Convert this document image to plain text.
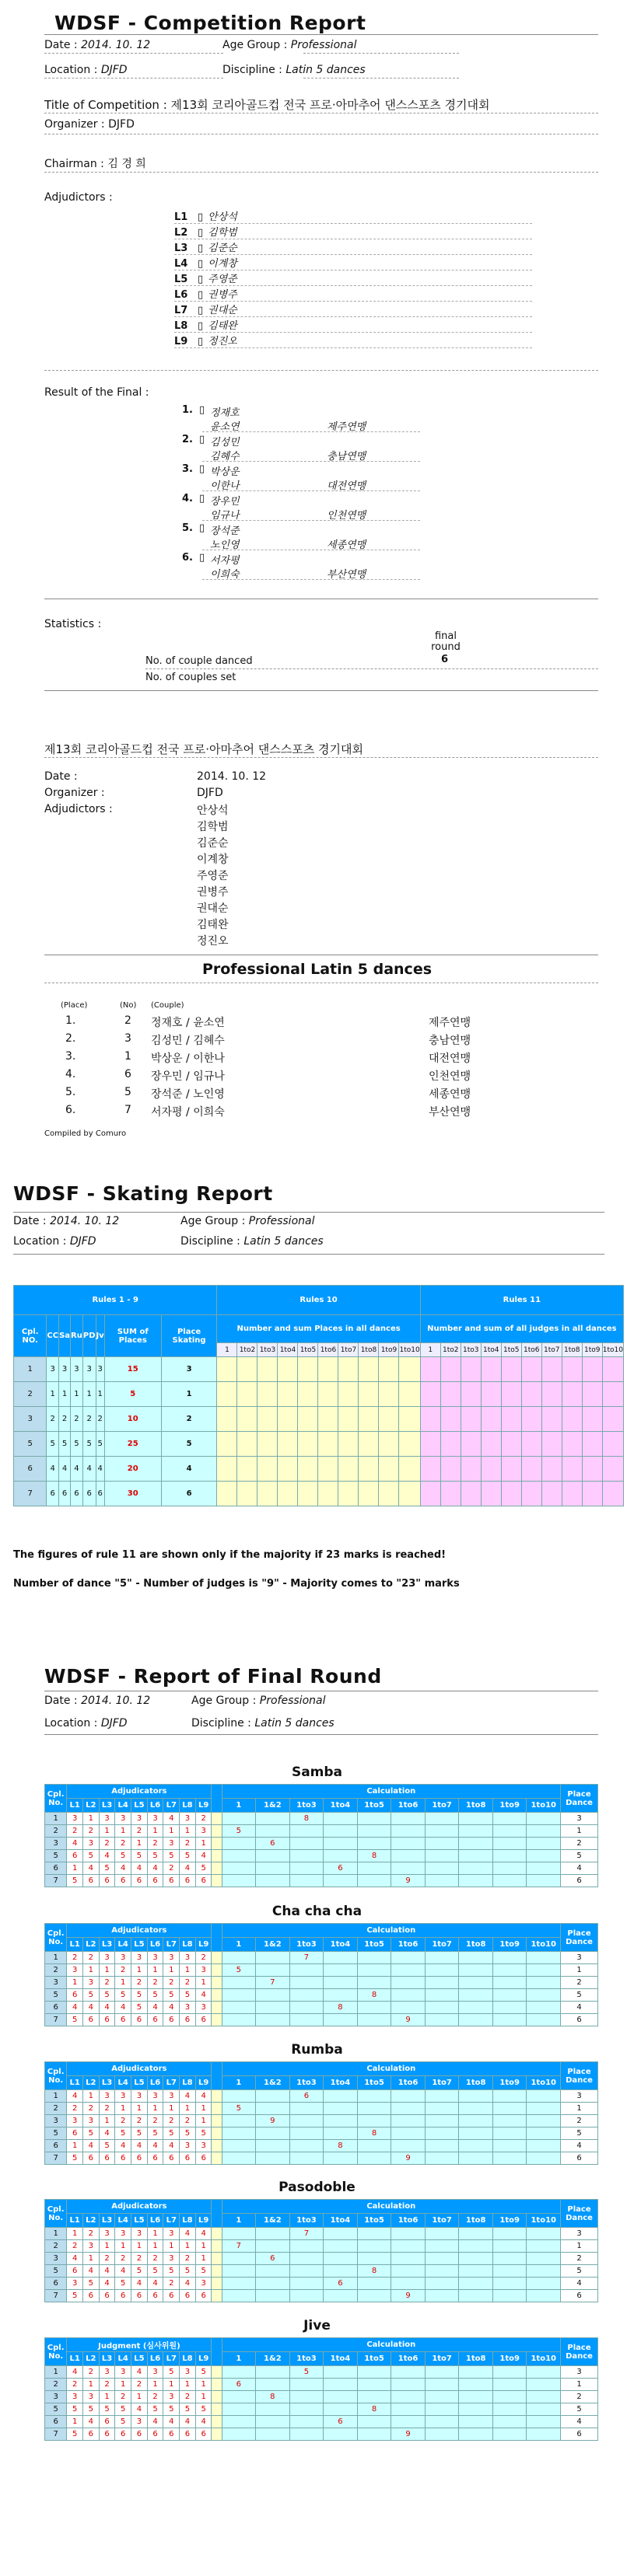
WDSF - Competition Report
Date : 2014. 10. 12	Age Group : Professional
Location : DJFD	Discipline : Latin 5 dances
Title of Competition : 제13회 코리아골드컵 전국 프로·아마추어 댄스스포츠 경기대회
Organizer : DJFD
Chairman : 김 경 희
Adjudictors :
L1 ▯ 안상석
L2 ▯ 김학범
L3 ▯ 김준순
L4 ▯ 이계창
L5 ▯ 주영준
L6 ▯ 권병주
L7 ▯ 권대순
L8 ▯ 김태완
L9 ▯ 정진오
Result of the Final :
1. ▯ 정재호
윤소연	제주연맹
2. ▯ 김성민
김혜수	충남연맹
3. ▯ 박상운
이한나	대전연맹
4. ▯ 장우민
임규나	인천연맹
5. ▯ 장석준
노인영	세종연맹
6. ▯ 서자평
이희숙	부산연맹
Statistics :
final round
No. of couple danced	6
No. of couples set
제13회 코리아골드컵 전국 프로·아마추어 댄스스포츠 경기대회
Date :	2014. 10. 12
Organizer :	DJFD
Adjudictors :	안상석
김학범
김준순
이계창
주영준
권병주
권대순
김태완
정진오
Professional Latin 5 dances
(Place)	(No) (Couple)
1.	2 정재호 / 윤소연	제주연맹
2.	3 김성민 / 김혜수	충남연맹
3.	1 박상운 / 이한나	대전연맹
4.	6 장우민 / 임규나	인천연맹
5.	5 장석준 / 노인영	세종연맹
6.	7 서자평 / 이희숙	부산연맹
Compiled by Comuro
WDSF - Skating Report
Date : 2014. 10. 12	Age Group : Professional
Location : DJFD	Discipline : Latin 5 dances
Rules 1 - 9								Rules 10										Rules 11									
Cpl. NO.	CC	Sa	Ru	PD	Jv	SUM of Places	Place Skating	Number and sum Places in all dances										Number and sum of all judges in all dances									
								1	1to2	1to3	1to4	1to5	1to6	1to7	1to8	1to9	1to10	1	1to2	1to3	1to4	1to5	1to6	1to7	1to8	1to9	1to10
1	3	3	3	3	3	15	3																				
2	1	1	1	1	1	5	1																				
3	2	2	2	2	2	10	2																				
5	5	5	5	5	5	25	5																				
6	4	4	4	4	4	20	4																				
7	6	6	6	6	6	30	6																				
The figures of rule 11 are shown only if the majority if 23 marks is reached!
Number of dance "5" - Number of judges is "9" - Majority comes to "23" marks
WDSF - Report of Final Round
Date : 2014. 10. 12	Age Group : Professional
Location : DJFD	Discipline : Latin 5 dances
Samba
Cpl. No.	Adjudicators										Calculation										Place Dance
	L1	L2	L3	L4	L5	L6	L7	L8	L9		1	1&2	1to3	1to4	1to5	1to6	1to7	1to8	1to9	1to10	
1	3	1	3	3	3	3	4	3	2				8								3
2	2	2	1	1	2	1	1	1	3		5										1
3	4	3	2	2	1	2	3	2	1			6									2
5	6	5	4	5	5	5	5	5	4						8						5
6	1	4	5	4	4	4	2	4	5					6							4
7	5	6	6	6	6	6	6	6	6							9					6
Cha cha cha
Cpl. No.	Adjudicators										Calculation										Place Dance
	L1	L2	L3	L4	L5	L6	L7	L8	L9		1	1&2	1to3	1to4	1to5	1to6	1to7	1to8	1to9	1to10	
1	2	2	3	3	3	3	3	3	2				7								3
2	3	1	1	2	1	1	1	1	3		5										1
3	1	3	2	1	2	2	2	2	1			7									2
5	6	5	5	5	5	5	5	5	4						8						5
6	4	4	4	4	5	4	4	3	3					8							4
7	5	6	6	6	6	6	6	6	6							9					6
Rumba
Cpl. No.	Adjudicators										Calculation										Place Dance
	L1	L2	L3	L4	L5	L6	L7	L8	L9		1	1&2	1to3	1to4	1to5	1to6	1to7	1to8	1to9	1to10	
1	4	1	3	3	3	3	3	4	4				6								3
2	2	2	2	1	1	1	1	1	1		5										1
3	3	3	1	2	2	2	2	2	1			9									2
5	6	5	4	5	5	5	5	5	5						8						5
6	1	4	5	4	4	4	4	3	3					8							4
7	5	6	6	6	6	6	6	6	6							9					6
Pasodoble
Cpl. No.	Adjudicators										Calculation										Place Dance
	L1	L2	L3	L4	L5	L6	L7	L8	L9		1	1&2	1to3	1to4	1to5	1to6	1to7	1to8	1to9	1to10	
1	1	2	3	3	3	1	3	4	4				7								3
2	2	3	1	1	1	1	1	1	1		7										1
3	4	1	2	2	2	2	3	2	1			6									2
5	6	4	4	4	5	5	5	5	5						8						5
6	3	5	4	5	4	4	2	4	3					6							4
7	5	6	6	6	6	6	6	6	6							9					6
Jive
Cpl. No.	Judgment (심사위원)										Calculation										Place Dance
	L1	L2	L3	L4	L5	L6	L7	L8	L9		1	1&2	1to3	1to4	1to5	1to6	1to7	1to8	1to9	1to10	
1	4	2	3	3	4	3	5	3	5				5								3
2	2	1	2	1	2	1	1	1	1		6										1
3	3	3	1	2	1	2	3	2	1			8									2
5	5	5	5	5	4	5	5	5	5						8						5
6	1	4	6	5	3	4	4	4	4					6							4
7	5	6	6	6	6	6	6	6	6							9					6
